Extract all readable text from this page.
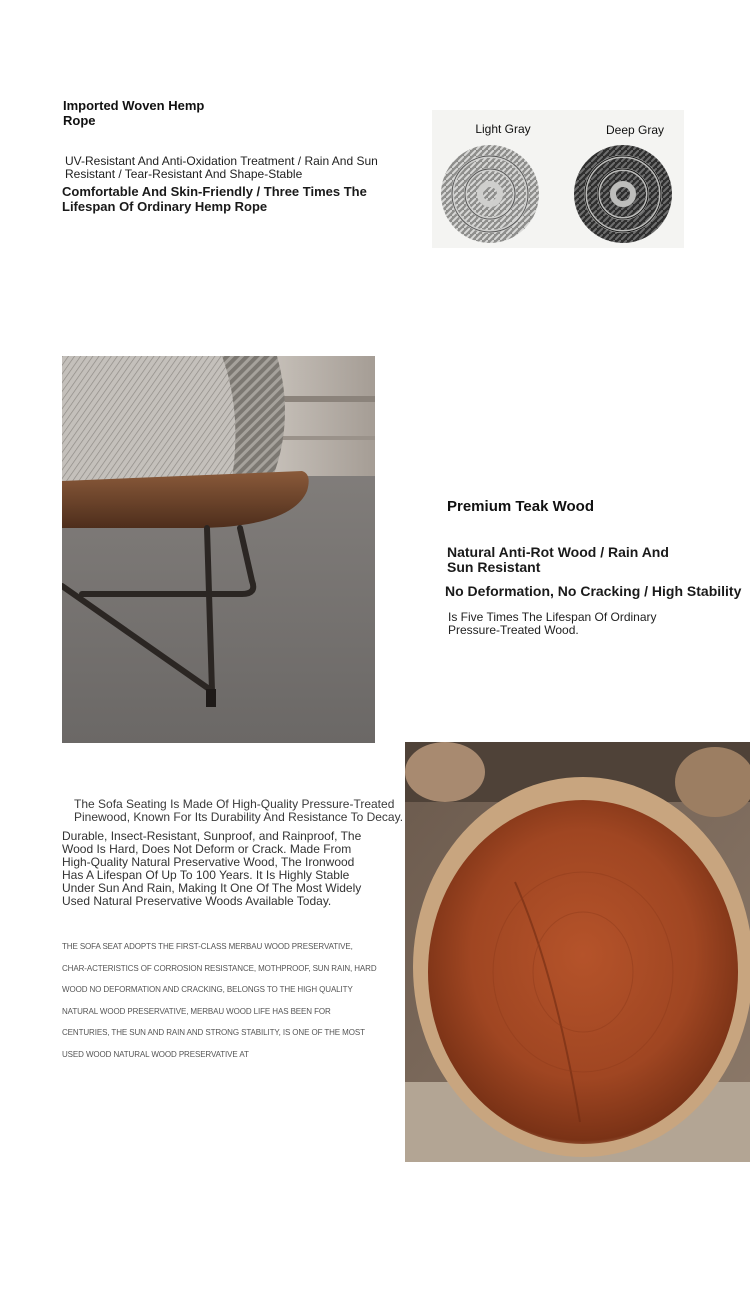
Imported Woven Hemp Rope
UV-Resistant And Anti-Oxidation Treatment / Rain And Sun Resistant / Tear-Resistant And Shape-Stable
Comfortable And Skin-Friendly / Three Times The Lifespan Of Ordinary Hemp Rope
Light Gray	Deep Gray
Premium Teak Wood
Natural Anti-Rot Wood / Rain And Sun Resistant
No Deformation, No Cracking / High Stability
Is Five Times The Lifespan Of Ordinary Pressure-Treated Wood.
The Sofa Seating Is Made Of High-Quality Pressure-Treated Pinewood, Known For Its Durability And Resistance To Decay.
Durable, Insect-Resistant, Sunproof, and Rainproof, The Wood Is Hard, Does Not Deform or Crack. Made From High-Quality Natural Preservative Wood, The Ironwood Has A Lifespan Of Up To 100 Years. It Is Highly Stable Under Sun And Rain, Making It One Of The Most Widely Used Natural Preservative Woods Available Today.
THE SOFA SEAT ADOPTS THE FIRST-CLASS MERBAU WOOD PRESERVATIVE, CHAR-ACTERISTICS OF CORROSION RESISTANCE, MOTHPROOF, SUN RAIN, HARD WOOD NO DEFORMATION AND CRACKING, BELONGS TO THE HIGH QUALITY NATURAL WOOD PRESERVATIVE, MERBAU WOOD LIFE HAS BEEN FOR CENTURIES, THE SUN AND RAIN AND STRONG STABILITY, IS ONE OF THE MOST USED WOOD NATURAL WOOD PRESERVATIVE AT
